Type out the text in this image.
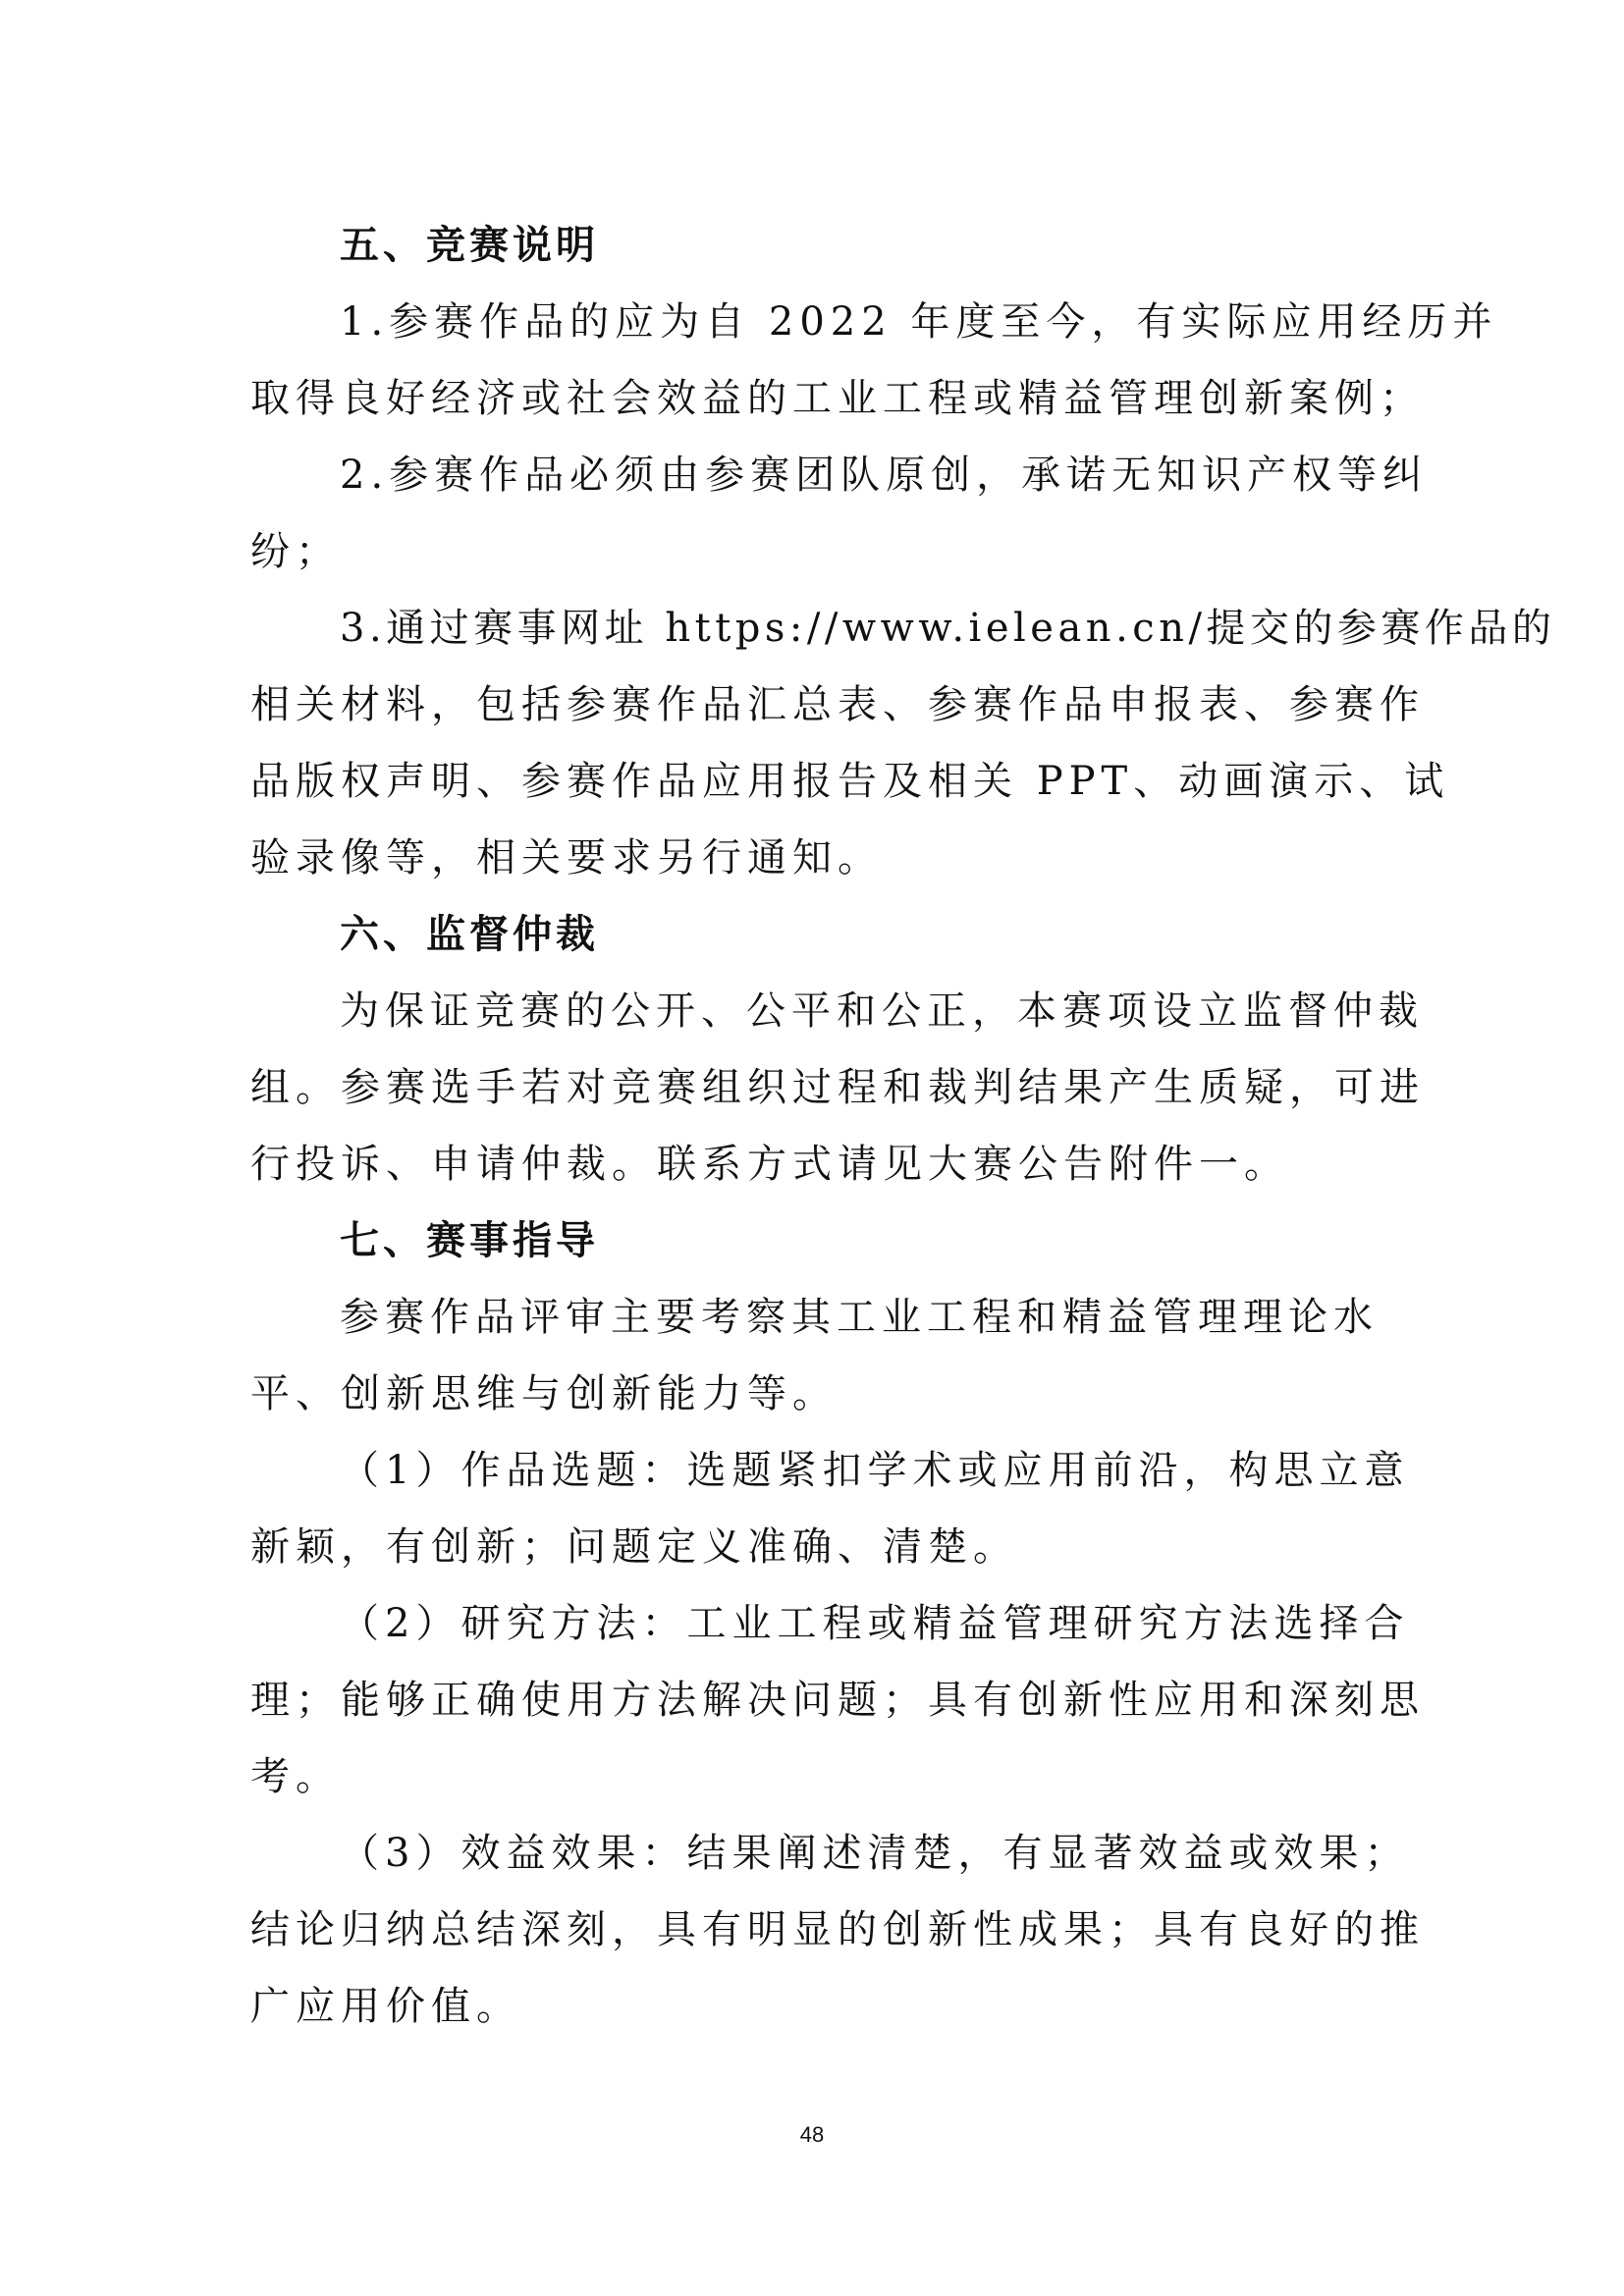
五、竞赛说明

1.参赛作品的应为自 2022 年度至今，有实际应用经历并

取得良好经济或社会效益的工业工程或精益管理创新案例；

2.参赛作品必须由参赛团队原创，承诺无知识产权等纠

纷；

3.通过赛事网址 https://www.ielean.cn/提交的参赛作品的

相关材料，包括参赛作品汇总表、参赛作品申报表、参赛作

品版权声明、参赛作品应用报告及相关 PPT、动画演示、试

验录像等，相关要求另行通知。

六、监督仲裁

为保证竞赛的公开、公平和公正，本赛项设立监督仲裁

组。参赛选手若对竞赛组织过程和裁判结果产生质疑，可进

行投诉、申请仲裁。联系方式请见大赛公告附件一。

七、赛事指导

参赛作品评审主要考察其工业工程和精益管理理论水

平、创新思维与创新能力等。

（1）作品选题：选题紧扣学术或应用前沿，构思立意

新颖，有创新；问题定义准确、清楚。

（2）研究方法：工业工程或精益管理研究方法选择合

理；能够正确使用方法解决问题；具有创新性应用和深刻思

考。

（3）效益效果：结果阐述清楚，有显著效益或效果；

结论归纳总结深刻，具有明显的创新性成果；具有良好的推

广应用价值。

48
